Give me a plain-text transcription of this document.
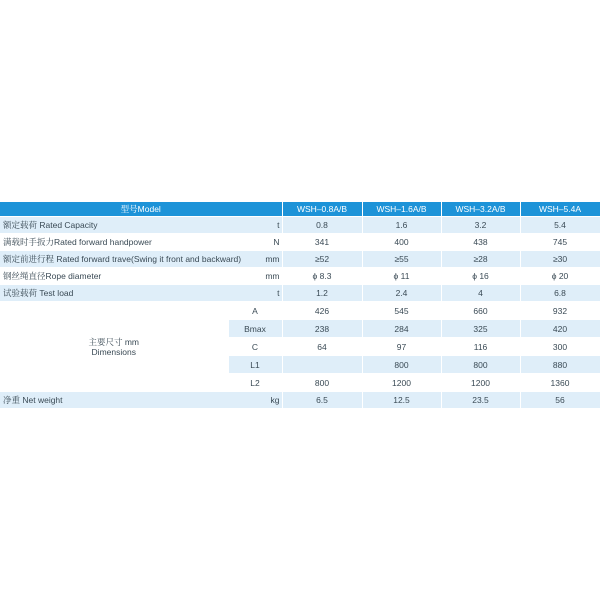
型号Model		WSH–0.8A/B	WSH–1.6A/B	WSH–3.2A/B	WSH–5.4A

额定载荷 Rated Capacity t		0.8	1.6	3.2	5.4

满载时手扳力Rated forward handpower N		341	400	438	745

额定前进行程 Rated forward trave(Swing it front and backward) mm		≥52	≥55	≥28	≥30

钢丝绳直径Rope diameter mm		ϕ 8.3	ϕ 11	ϕ 16	ϕ 20

试验载荷 Test load t		1.2	2.4	4	6.8

主要尺寸 mm
Dimensions	A	426	545	660	932
	Bmax	238	284	325	420
	C	64	97	116	300
	L1		800	800	880
	L2	800	1200	1200	1360

净重 Net weight kg		6.5	12.5	23.5	56
